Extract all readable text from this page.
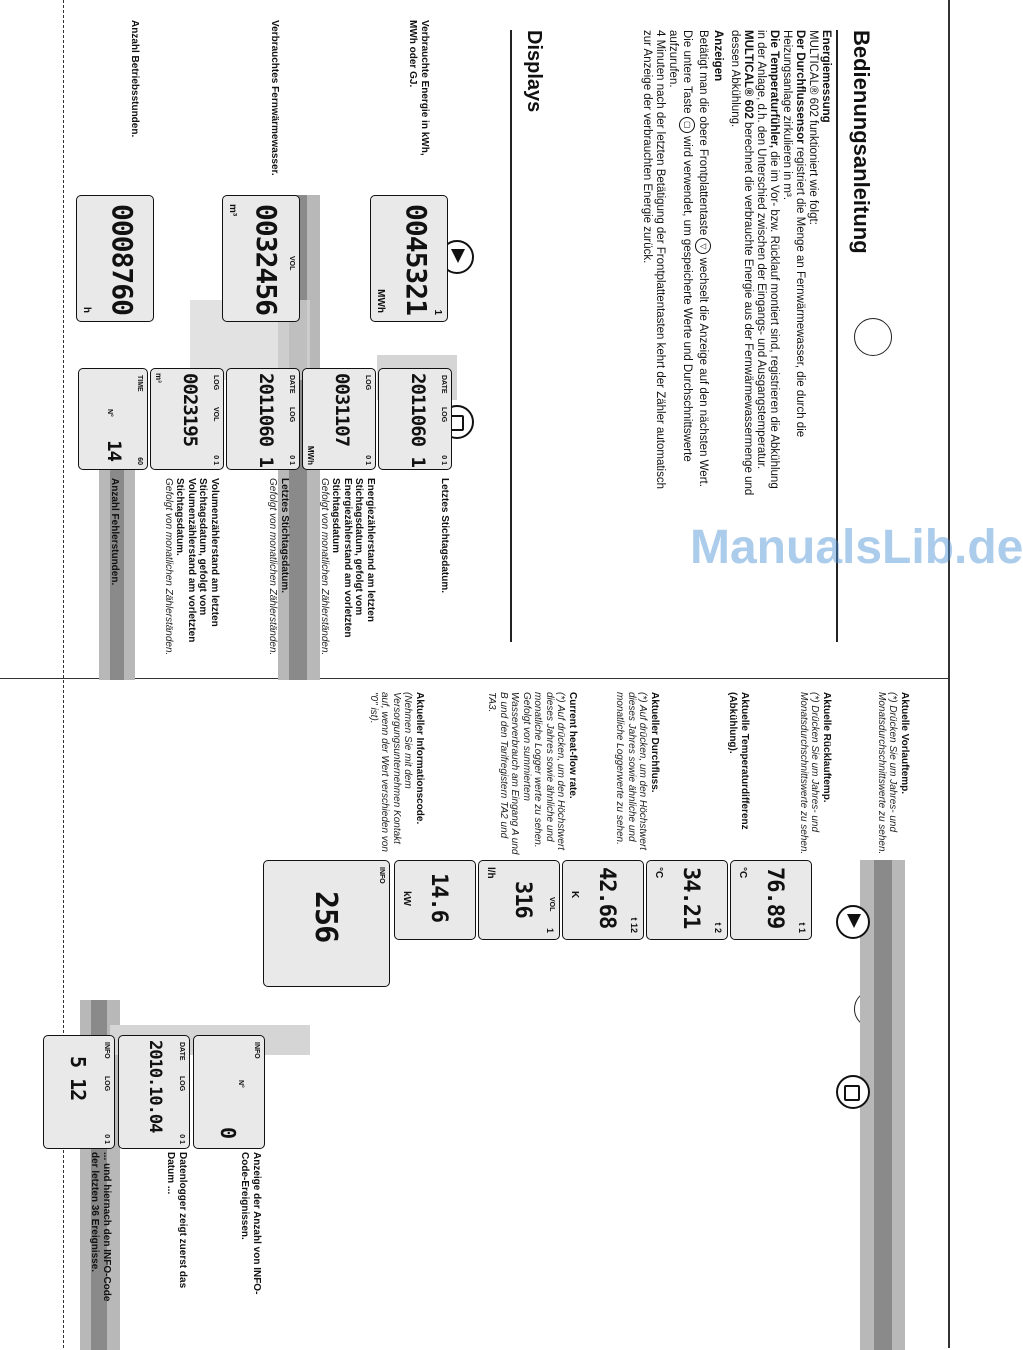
Bedienungsanleitung
Energiemessung
MULTICAL® 602 funktioniert wie folgt:
Der Durchflussensor registriert die Menge an Fernwärmewasser, die durch die
Heizungsanlage zirkulieren in m³.
Die Temperaturfühler, die im Vor- bzw. Rücklauf montiert sind, registrieren die Abkühlung
in der Anlage, d.h. den Unterschied zwischen der Eingangs- und Ausgangstemperatur.
MULTICAL® 602 berechnet die verbrauchte Energie aus der Fernwärmewassermenge und
dessen Abkühlung.
Anzeigen
Betätigt man die obere Frontplattentaste ▽ wechselt die Anzeige auf den nächsten Wert.
Die untere Taste ▢ wird verwendet, um gespeicherte Werte und Durchschnittswerte
aufzurufen.
4 Minuten nach der letzten Betätigung der Frontplattentasten kehrt der Zähler automatisch
zur Anzeige der verbrauchten Energie zurück.
Displays
Verbrauchte Energie in kWh, MWh oder GJ.
Verbrauchtes Fernwärmewasser.
Anzahl Betriebsstunden.
0045321 1
MWh
VOL
0032456
m³
0008760
h
DATE
LOG
2011060 1 0 1
LOG
0031107
0 1
MWh
DATE
LOG
2011060 1 0 1
LOG
VOL
0023195
0 1
m³
TIME
N°
14
60
Letztes Stichtagsdatum.
Energiezählerstand am letzten Stichtagsdatum, gefolgt vom Energiezählerstand am vorletzten Stichtagsdatum
Gefolgt von monatlichen Zählerständen.
Letztes Stichtagsdatum.
Gefolgt von monatlichen Zählerständen.
Volumenzählerstand am letzten Stichtagsdatum, gefolgt vom Volumenzählerstand am vorletzten Stichtagsdatum.
Gefolgt von monatlichen Zählerständen.
Anzahl Fehlerstunden.	ManualsLib.de
Aktuelle Vorlauftemp.
(*) Drücken Sie um Jahres- und Monatsdurchschnittswerte zu sehen.
Aktuelle Rücklauftemp.
(*) Drücken Sie um Jahres- und Monatsdurchschnittswerte zu sehen.
Aktuelle Temperaturdifferenz (Abkühlung).
Aktueller Durchfluss.
(*) Auf drücken, um den Höchstwert dieses Jahres sowie ähnliche und monatliche Loggerwerte zu sehen.
Current heat-flow rate.
(*) Auf drücken, um den Höchstwert dieses Jahres sowie ähnliche und monatliche Logger werte zu sehen. Gefolgt von summiertem Wasserverbrauch am Eingang A und B und den Tarifregistern TA2 und TA3.
Aktueller Informationscode.
(Nehmen Sie mit dem Versorgungsunternehmen Kontakt auf, wenn der Wert verschieden von "0" ist).
°C 76.89 t 1
°C 34.21 t 2
K 42.68 t 12
VOL
l/h
316
1
kW 14.6
INFO
256
INFO
N°
0
DATE
LOG
2010.10.04
0 1
INFO
LOG
5 12
0 1
Anzeige der Anzahl von INFO-Code-Ereignissen.
Datenlogger zeigt zuerst das Datum ...
... und hiernach den INFO-Code der letzten 36 Ereignisse.
